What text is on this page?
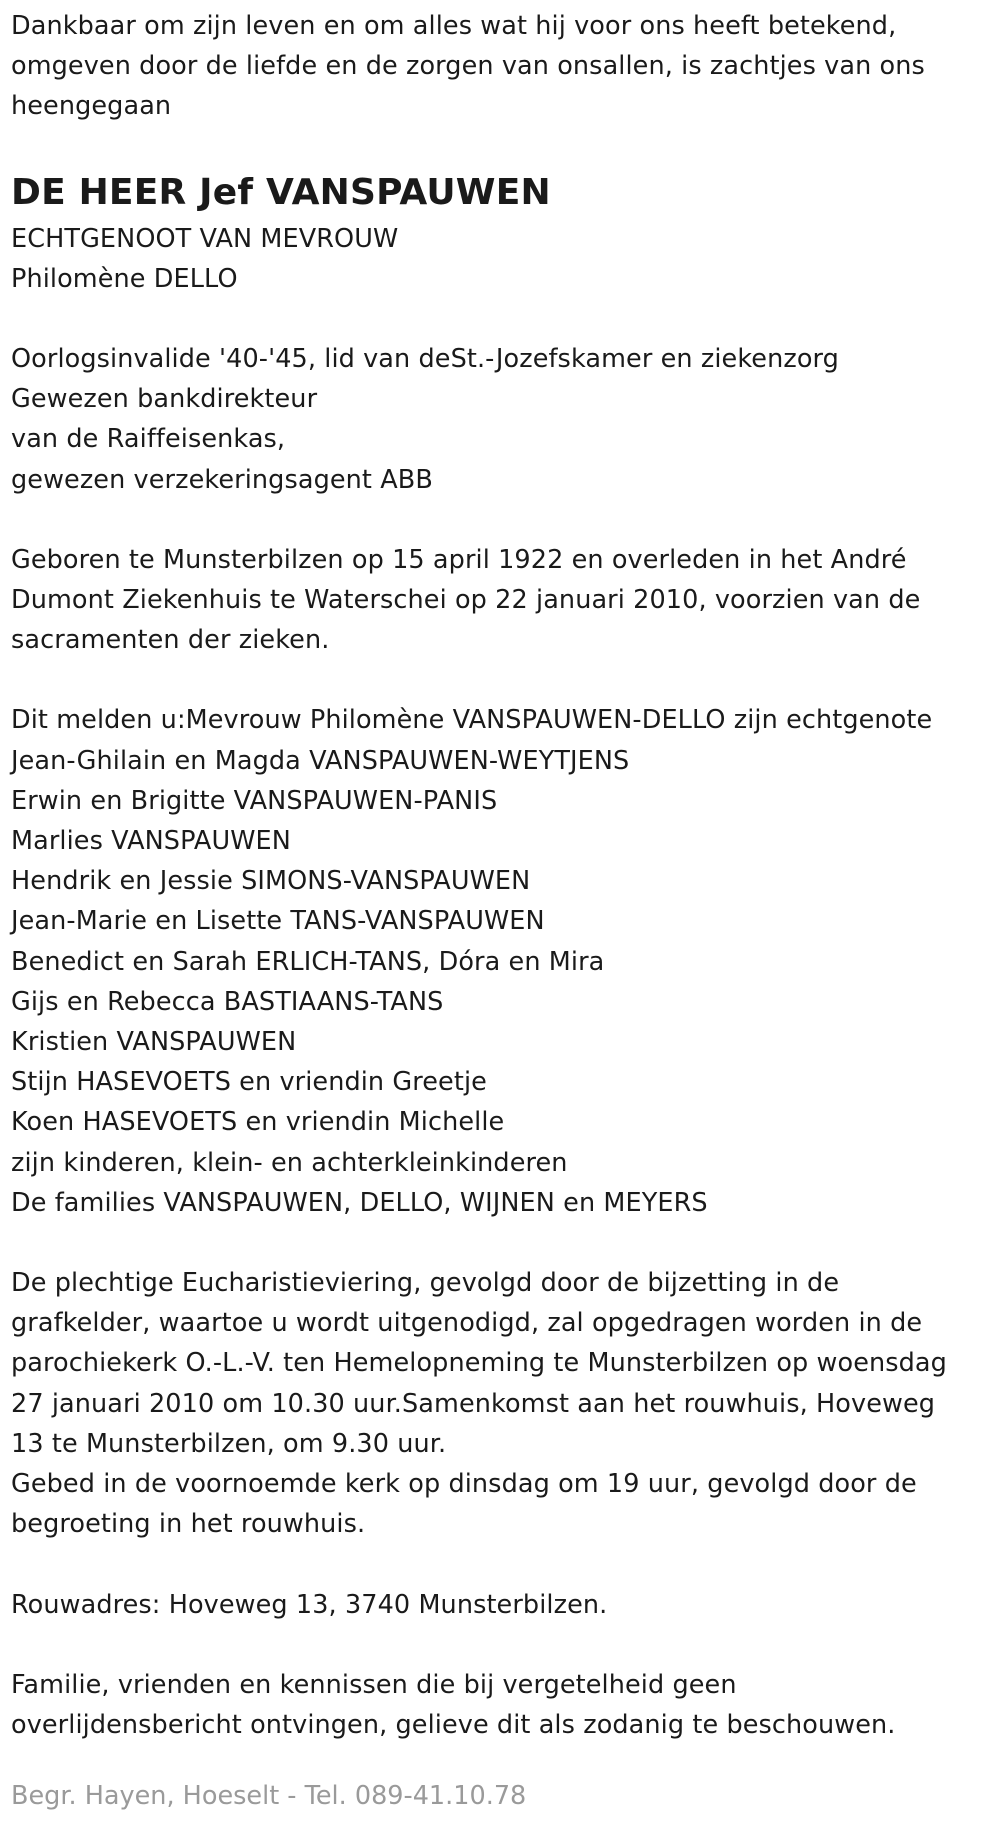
Dankbaar om zijn leven en om alles wat hij voor ons heeft betekend,
omgeven door de liefde en de zorgen van onsallen, is zachtjes van ons
heengegaan
DE HEER Jef VANSPAUWEN
ECHTGENOOT VAN MEVROUW
Philomène DELLO
Oorlogsinvalide '40-'45, lid van deSt.-Jozefskamer en ziekenzorg
Gewezen bankdirekteur
van de Raiffeisenkas,
gewezen verzekeringsagent ABB
Geboren te Munsterbilzen op 15 april 1922 en overleden in het André
Dumont Ziekenhuis te Waterschei op 22 januari 2010, voorzien van de
sacramenten der zieken.
Dit melden u:Mevrouw Philomène VANSPAUWEN-DELLO zijn echtgenote
Jean-Ghilain en Magda VANSPAUWEN-WEYTJENS
Erwin en Brigitte VANSPAUWEN-PANIS
Marlies VANSPAUWEN
Hendrik en Jessie SIMONS-VANSPAUWEN
Jean-Marie en Lisette TANS-VANSPAUWEN
Benedict en Sarah ERLICH-TANS, Dóra en Mira
Gijs en Rebecca BASTIAANS-TANS
Kristien VANSPAUWEN
Stijn HASEVOETS en vriendin Greetje
Koen HASEVOETS en vriendin Michelle
zijn kinderen, klein- en achterkleinkinderen
De families VANSPAUWEN, DELLO, WIJNEN en MEYERS
De plechtige Eucharistieviering, gevolgd door de bijzetting in de
grafkelder, waartoe u wordt uitgenodigd, zal opgedragen worden in de
parochiekerk O.-L.-V. ten Hemelopneming te Munsterbilzen op woensdag
27 januari 2010 om 10.30 uur.Samenkomst aan het rouwhuis, Hoveweg
13 te Munsterbilzen, om 9.30 uur.
Gebed in de voornoemde kerk op dinsdag om 19 uur, gevolgd door de
begroeting in het rouwhuis.
Rouwadres: Hoveweg 13, 3740 Munsterbilzen.
Familie, vrienden en kennissen die bij vergetelheid geen
overlijdensbericht ontvingen, gelieve dit als zodanig te beschouwen.
Begr. Hayen, Hoeselt - Tel. 089-41.10.78
